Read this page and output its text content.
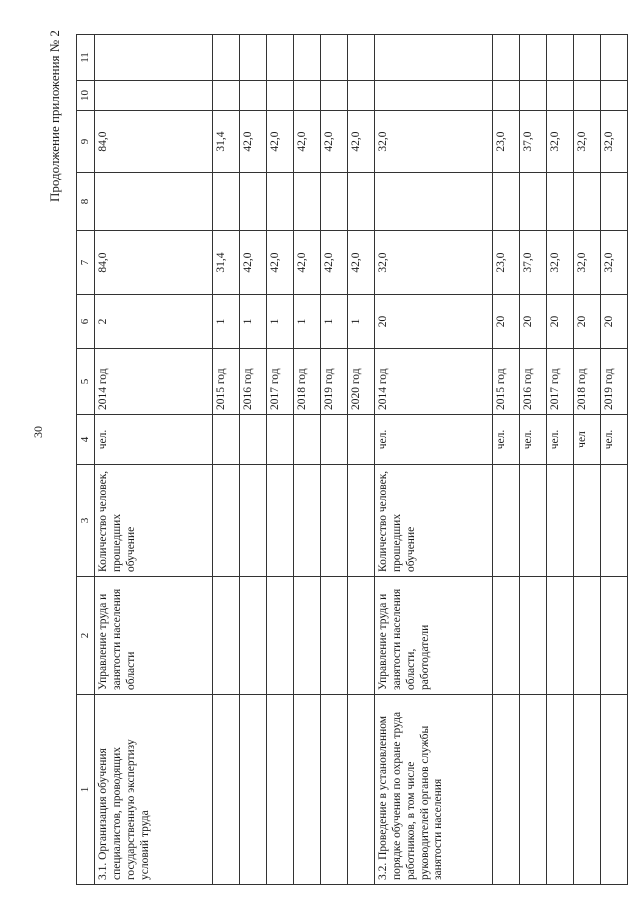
30
Продолжение приложения № 2
1	2	3	4	5	6	7	8	9	10	11
3.1. Организация обучения специалистов, проводящих государственную экспертизу условий труда	Управление труда и занятости населения области	Количество человек, прошедших обучение	чел.	2014 год	2	84,0		84,0		
				2015 год	1	31,4		31,4		
				2016 год	1	42,0		42,0		
				2017 год	1	42,0		42,0		
				2018 год	1	42,0		42,0		
				2019 год	1	42,0		42,0		
				2020 год	1	42,0		42,0		
3.2. Проведение в установленном порядке обучения по охране труда работников, в том числе руководителей органов службы занятости населения	Управление труда и занятости населения области, работодатели	Количество человек, прошедших обучение	чел.	2014 год	20	32,0		32,0		
			чел.	2015 год	20	23,0		23,0		
			чел.	2016 год	20	37,0		37,0		
			чел.	2017 год	20	32,0		32,0		
			чел	2018 год	20	32,0		32,0		
			чел.	2019 год	20	32,0		32,0		
